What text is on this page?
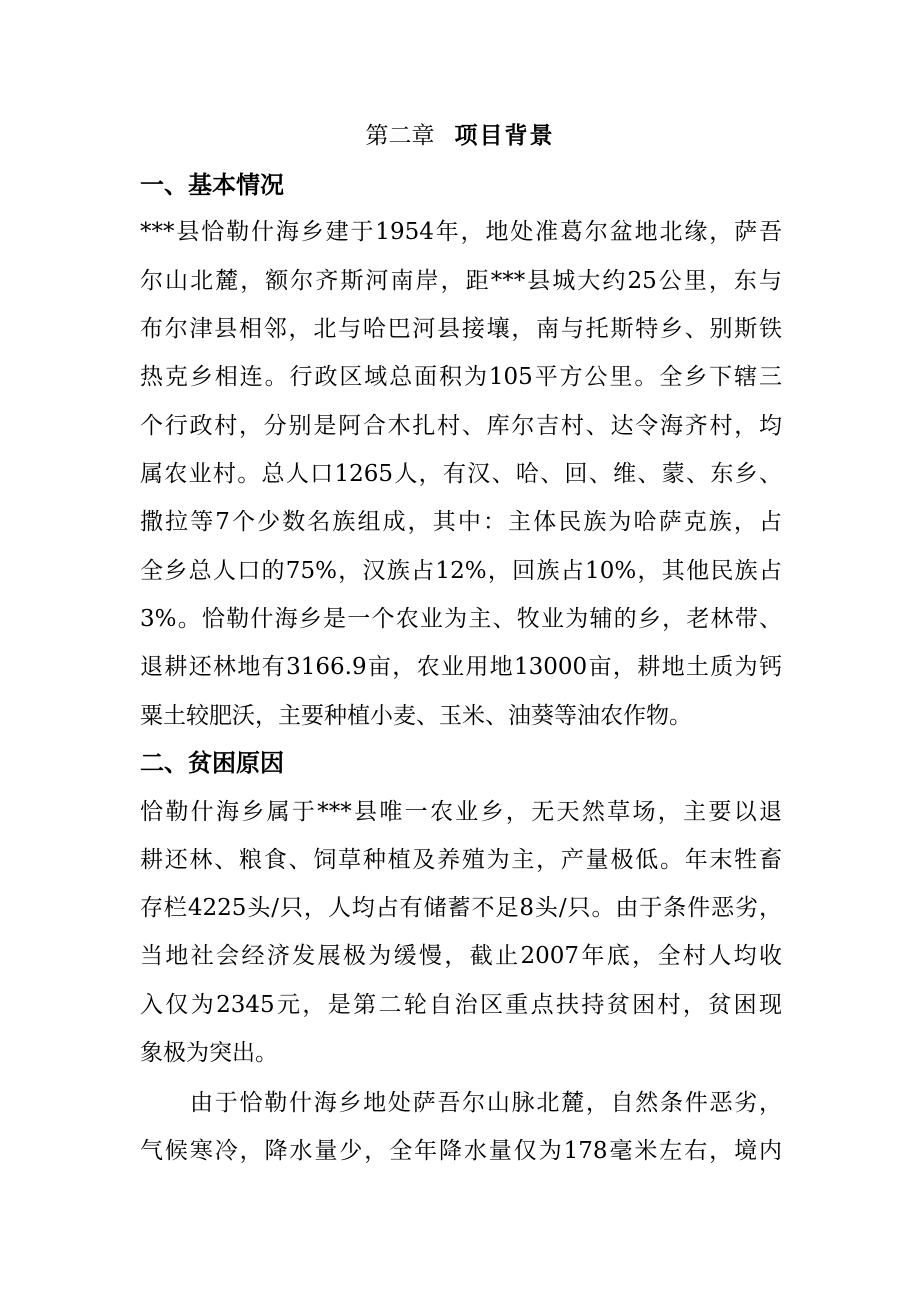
第二章 项目背景
一、基本情况
***县恰勒什海乡建于1954年，地处准葛尔盆地北缘，萨吾
尔山北麓，额尔齐斯河南岸，距***县城大约25公里，东与
布尔津县相邻，北与哈巴河县接壤，南与托斯特乡、别斯铁
热克乡相连。行政区域总面积为105平方公里。全乡下辖三
个行政村，分别是阿合木扎村、库尔吉村、达令海齐村，均
属农业村。总人口1265人，有汉、哈、回、维、蒙、东乡、
撒拉等7个少数名族组成，其中：主体民族为哈萨克族，占
全乡总人口的75%，汉族占12%，回族占10%，其他民族占
3%。恰勒什海乡是一个农业为主、牧业为辅的乡，老林带、
退耕还林地有3166.9亩，农业用地13000亩，耕地土质为钙
粟土较肥沃，主要种植小麦、玉米、油葵等油农作物。
二、贫困原因
恰勒什海乡属于***县唯一农业乡，无天然草场，主要以退
耕还林、粮食、饲草种植及养殖为主，产量极低。年末牲畜
存栏4225头/只，人均占有储蓄不足8头/只。由于条件恶劣，
当地社会经济发展极为缓慢，截止2007年底，全村人均收
入仅为2345元，是第二轮自治区重点扶持贫困村，贫困现
象极为突出。
由于恰勒什海乡地处萨吾尔山脉北麓，自然条件恶劣，
气候寒冷，降水量少，全年降水量仅为178毫米左右，境内
